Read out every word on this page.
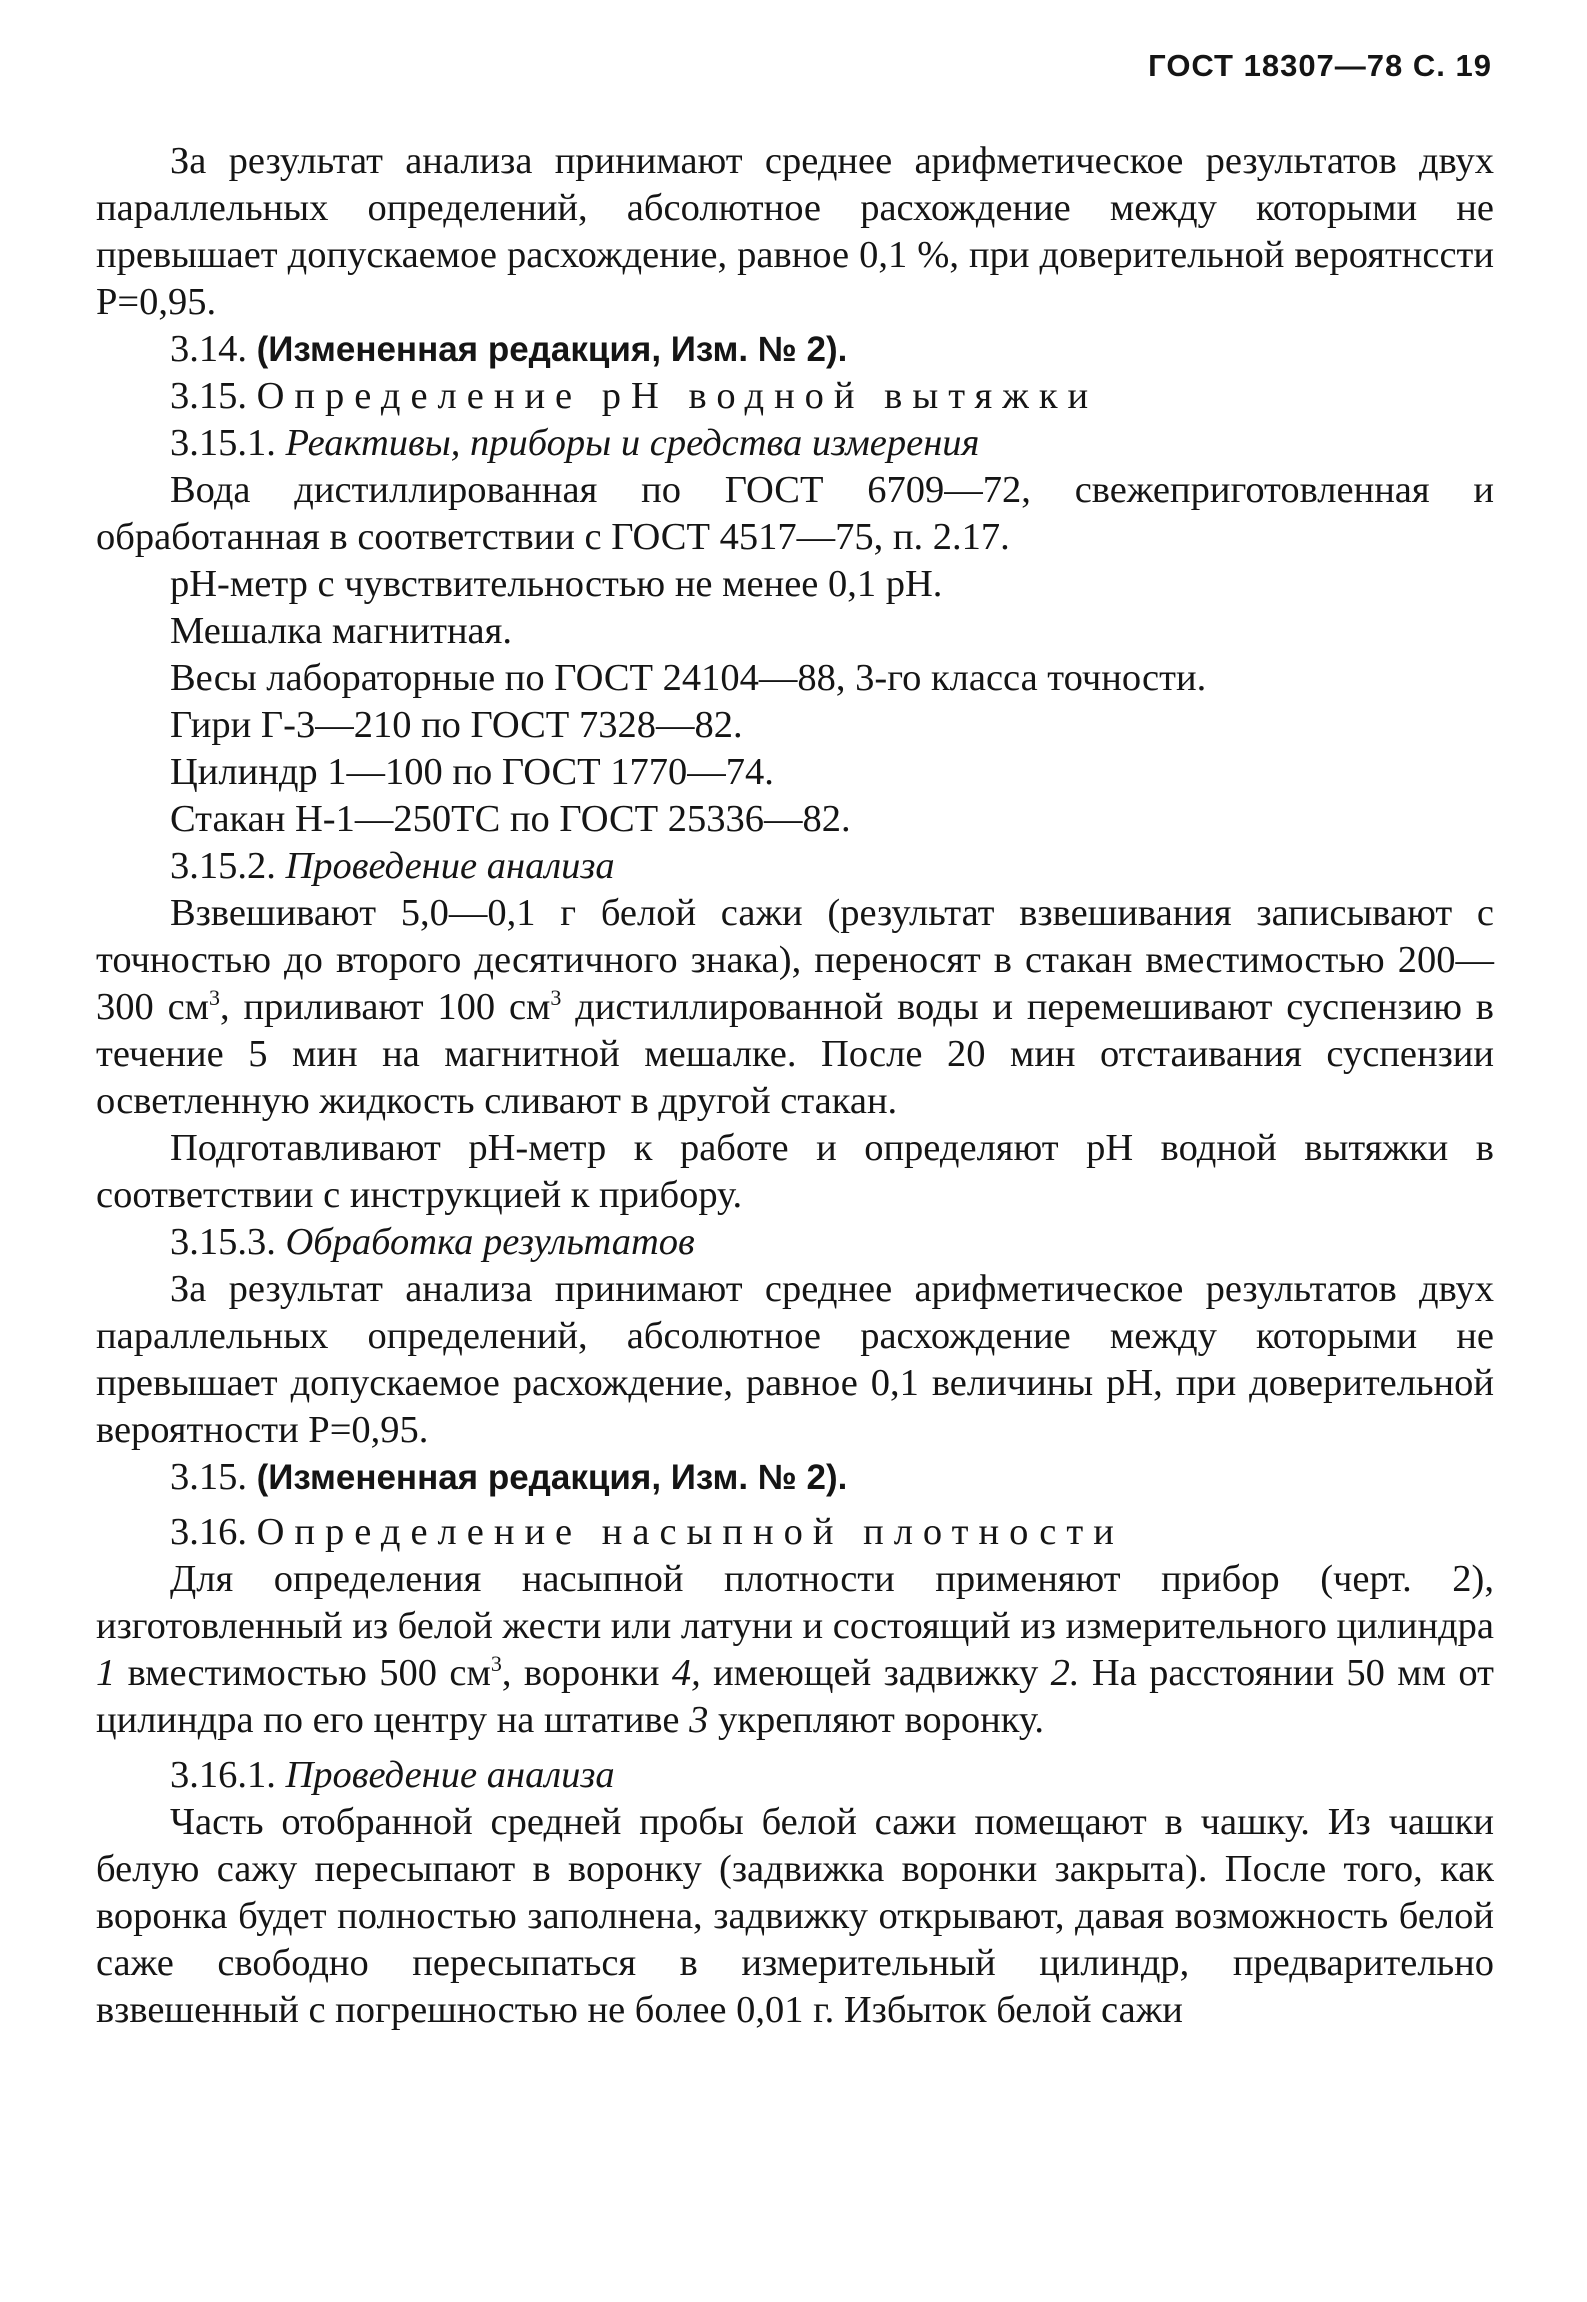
ГОСТ 18307—78 С. 19

За результат анализа принимают среднее арифметическое результатов двух параллельных определений, абсолютное расхождение между которыми не превышает допускаемое расхождение, равное 0,1 %, при доверительной вероятнссти Р=0,95.

3.14. (Измененная редакция, Изм. № 2).

3.15. Определение рН водной вытяжки

3.15.1. Реактивы, приборы и средства измерения

Вода дистиллированная по ГОСТ 6709—72, свежеприготовленная и обработанная в соответствии с ГОСТ 4517—75, п. 2.17.

рН-метр с чувствительностью не менее 0,1 рН.

Мешалка магнитная.

Весы лабораторные по ГОСТ 24104—88, 3-го класса точности.

Гири Г-3—210 по ГОСТ 7328—82.

Цилиндр 1—100 по ГОСТ 1770—74.

Стакан Н-1—250ТС по ГОСТ 25336—82.

3.15.2. Проведение анализа

Взвешивают 5,0—0,1 г белой сажи (результат взвешивания записывают с точностью до второго десятичного знака), переносят в стакан вместимостью 200—300 $см^3$, приливают 100 $см^3$ дистиллированной воды и перемешивают суспензию в течение 5 мин на магнитной мешалке. После 20 мин отстаивания суспензии осветленную жидкость сливают в другой стакан.

Подготавливают рН-метр к работе и определяют рН водной вытяжки в соответствии с инструкцией к прибору.

3.15.3. Обработка результатов

За результат анализа принимают среднее арифметическое результатов двух параллельных определений, абсолютное расхождение между которыми не превышает допускаемое расхождение, равное 0,1 величины рН, при доверительной вероятности Р=0,95.

3.15. (Измененная редакция, Изм. № 2).

3.16. Определение насыпной плотности

Для определения насыпной плотности применяют прибор (черт. 2), изготовленный из белой жести или латуни и состоящий из измерительного цилиндра 1 вместимостью 500 $см^3$, воронки 4, имеющей задвижку 2. На расстоянии 50 мм от цилиндра по его центру на штативе 3 укрепляют воронку.

3.16.1. Проведение анализа

Часть отобранной средней пробы белой сажи помещают в чашку. Из чашки белую сажу пересыпают в воронку (задвижка воронки закрыта). После того, как воронка будет полностью заполнена, задвижку открывают, давая возможность белой саже свободно пересыпаться в измерительный цилиндр, предварительно взвешенный с погрешностью не более 0,01 г. Избыток белой сажи
